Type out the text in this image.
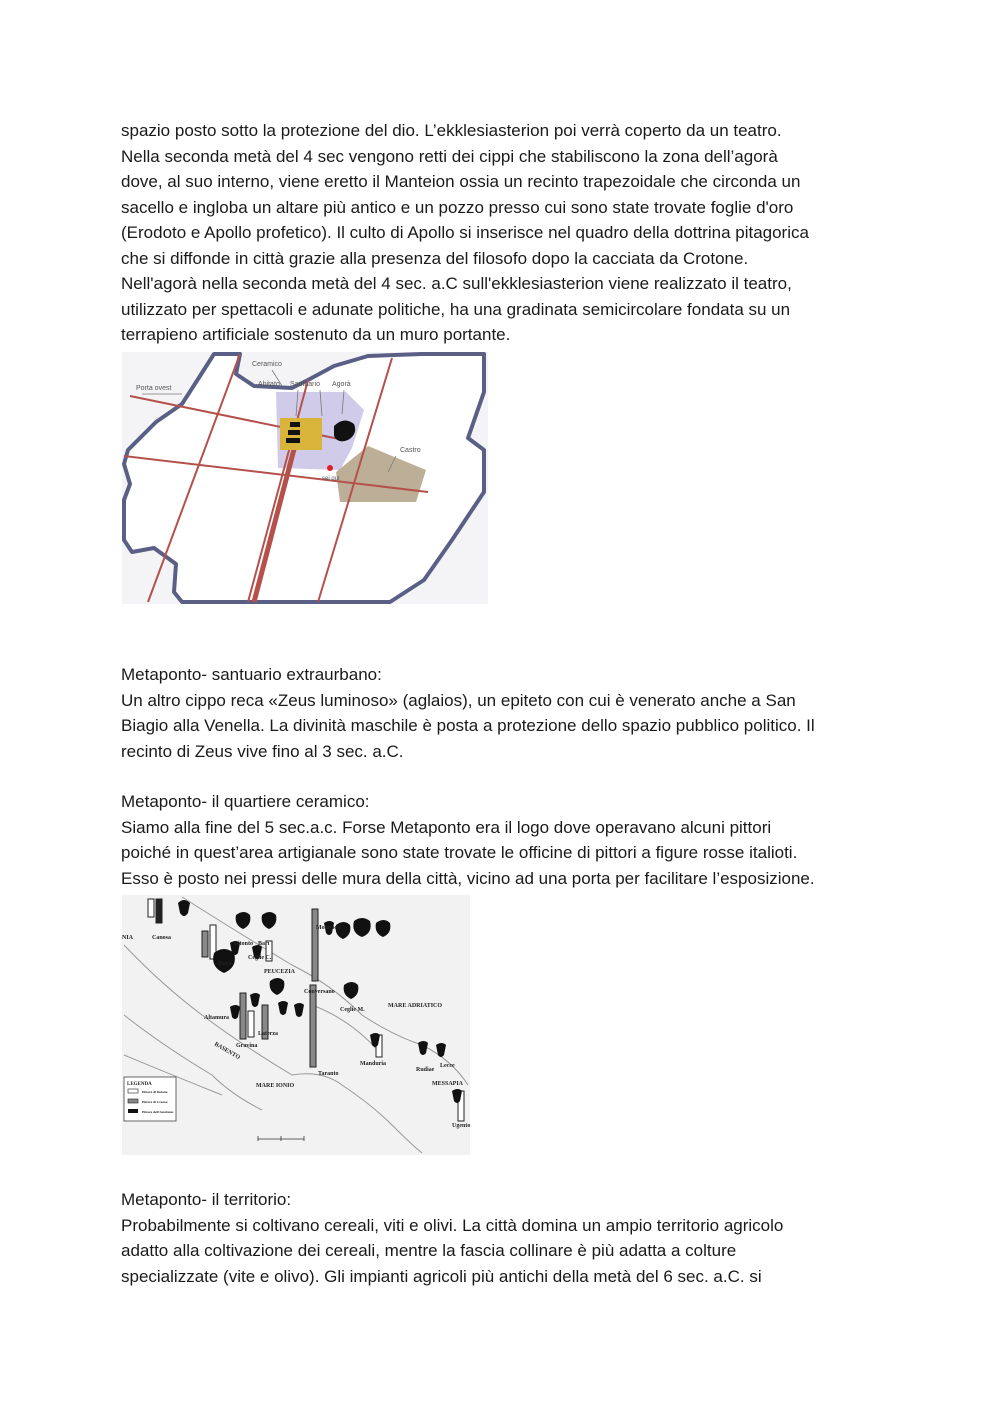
spazio posto sotto la protezione del dio. L’ekklesiasterion poi verrà coperto da un teatro.
Nella seconda metà del 4 sec vengono retti dei cippi che stabiliscono la zona dell’agorà
dove, al suo interno, viene eretto il Manteion ossia un recinto trapezoidale che circonda un
sacello e ingloba un altare più antico e un pozzo presso cui sono state trovate foglie d'oro
(Erodoto e Apollo profetico). Il culto di Apollo si inserisce nel quadro della dottrina pitagorica
che si diffonde in città grazie alla presenza del filosofo dopo la cacciata da Crotone.
Nell'agorà nella seconda metà del 4 sec. a.C sull'ekklesiasterion viene realizzato il teatro,
utilizzato per spettacoli e adunate politiche, ha una gradinata semicircolare fondata su un
terrapieno artificiale sostenuto da un muro portante.
Ceramico
Abitato Santuario Agorà
Porta ovest
Castro
sei qui
Metaponto- santuario extraurbano:
Un altro cippo reca «Zeus luminoso» (aglaios), un epiteto con cui è venerato anche a San
Biagio alla Venella. La divinità maschile è posta a protezione dello spazio pubblico politico. Il
recinto di Zeus vive fino al 3 sec. a.C.
Metaponto- il quartiere ceramico:
Siamo alla fine del 5 sec.a.c. Forse Metaponto era il logo dove operavano alcuni pittori
poiché in quest’area artigianale sono state trovate le officine di pittori a figure rosse italioti.
Esso è posto nei pressi delle mura della città, vicino ad una porta per facilitare l’esposizione.
NIA	Canosa
Ruvo
Bitonto Bari
Ceglie C.
PEUCEZIA
Monopoli
Conversano
MARE ADRIATICO
Altamura
Gravina
Laterza
Ceglie M.
Taranto
Manduria
Rudiae
Lecce
MESSAPIA
Ugento
MARE IONIO
BASENTO
LEGENDA
Pittore di Dolone
Pittore di Creusa
Pittore dell'Anabates
Metaponto- il territorio:
Probabilmente si coltivano cereali, viti e olivi. La città domina un ampio territorio agricolo
adatto alla coltivazione dei cereali, mentre la fascia collinare è più adatta a colture
specializzate (vite e olivo). Gli impianti agricoli più antichi della metà del 6 sec. a.C. si
